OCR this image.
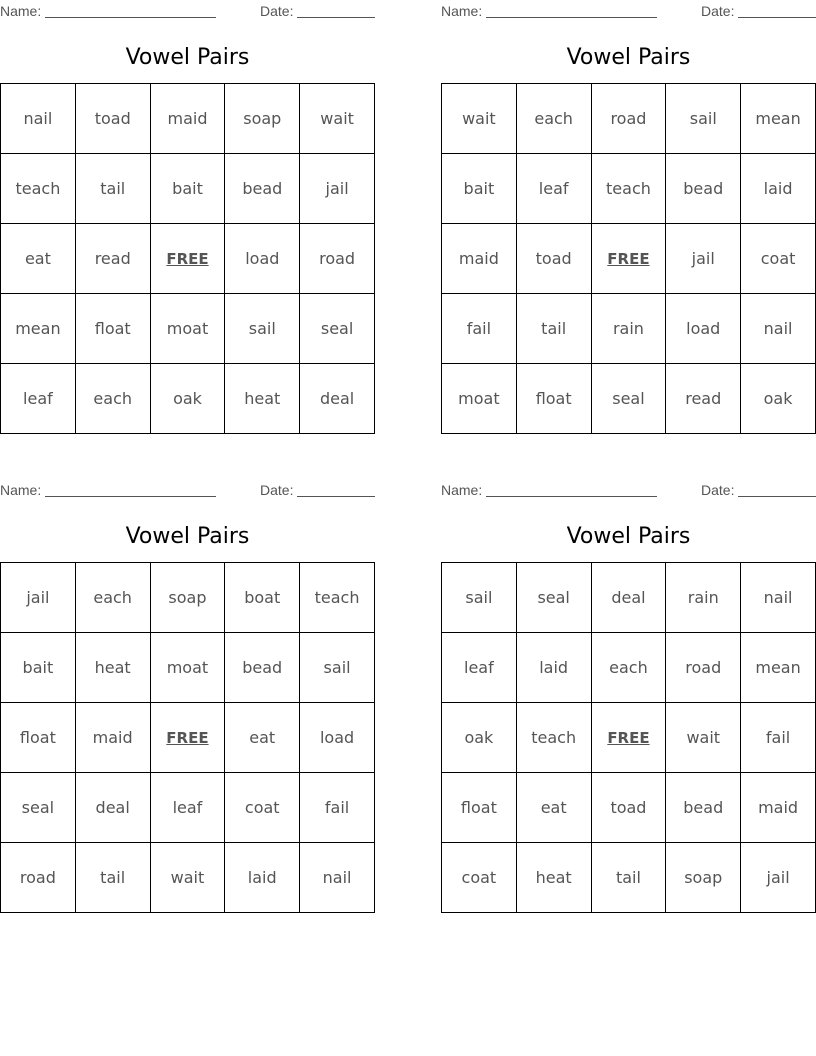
Name:	Date:
Vowel Pairs
nail	toad	maid	soap	wait
teach	tail	bait	bead	jail
eat	read	FREE	load	road
mean	float	moat	sail	seal
leaf	each	oak	heat	deal
Name:	Date:
Vowel Pairs
wait	each	road	sail	mean
bait	leaf	teach	bead	laid
maid	toad	FREE	jail	coat
fail	tail	rain	load	nail
moat	float	seal	read	oak
Name:	Date:
Vowel Pairs
jail	each	soap	boat	teach
bait	heat	moat	bead	sail
float	maid	FREE	eat	load
seal	deal	leaf	coat	fail
road	tail	wait	laid	nail
Name:	Date:
Vowel Pairs
sail	seal	deal	rain	nail
leaf	laid	each	road	mean
oak	teach	FREE	wait	fail
float	eat	toad	bead	maid
coat	heat	tail	soap	jail
